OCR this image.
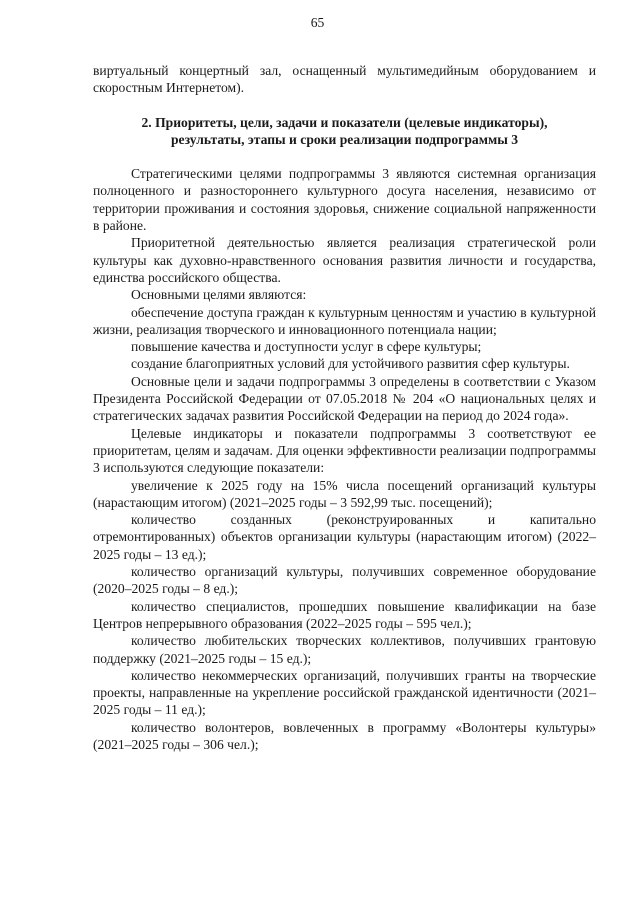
65

виртуальный концертный зал, оснащенный мультимедийным оборудованием и скоростным Интернетом).

2. Приоритеты, цели, задачи и показатели (целевые индикаторы), результаты, этапы и сроки реализации подпрограммы 3

Стратегическими целями подпрограммы 3 являются системная организация полноценного и разностороннего культурного досуга населения, независимо от территории проживания и состояния здоровья, снижение социальной напряженности в районе.

Приоритетной деятельностью является реализация стратегической роли культуры как духовно-нравственного основания развития личности и государства, единства российского общества.

Основными целями являются:

обеспечение доступа граждан к культурным ценностям и участию в культурной жизни, реализация творческого и инновационного потенциала нации;

повышение качества и доступности услуг в сфере культуры;

создание благоприятных условий для устойчивого развития сфер культуры.

Основные цели и задачи подпрограммы 3 определены в соответствии с Указом Президента Российской Федерации от 07.05.2018 № 204 «О национальных целях и стратегических задачах развития Российской Федерации на период до 2024 года».

Целевые индикаторы и показатели подпрограммы 3 соответствуют ее приоритетам, целям и задачам. Для оценки эффективности реализации подпрограммы 3 используются следующие показатели:

увеличение к 2025 году на 15% числа посещений организаций культуры (нарастающим итогом) (2021–2025 годы – 3 592,99 тыс. посещений);

количество созданных (реконструированных и капитально отремонтированных) объектов организации культуры (нарастающим итогом) (2022–2025 годы – 13 ед.);

количество организаций культуры, получивших современное оборудование (2020–2025 годы – 8 ед.);

количество специалистов, прошедших повышение квалификации на базе Центров непрерывного образования (2022–2025 годы – 595 чел.);

количество любительских творческих коллективов, получивших грантовую поддержку (2021–2025 годы – 15 ед.);

количество некоммерческих организаций, получивших гранты на творческие проекты, направленные на укрепление российской гражданской идентичности (2021–2025 годы – 11 ед.);

количество волонтеров, вовлеченных в программу «Волонтеры культуры» (2021–2025 годы – 306 чел.);
